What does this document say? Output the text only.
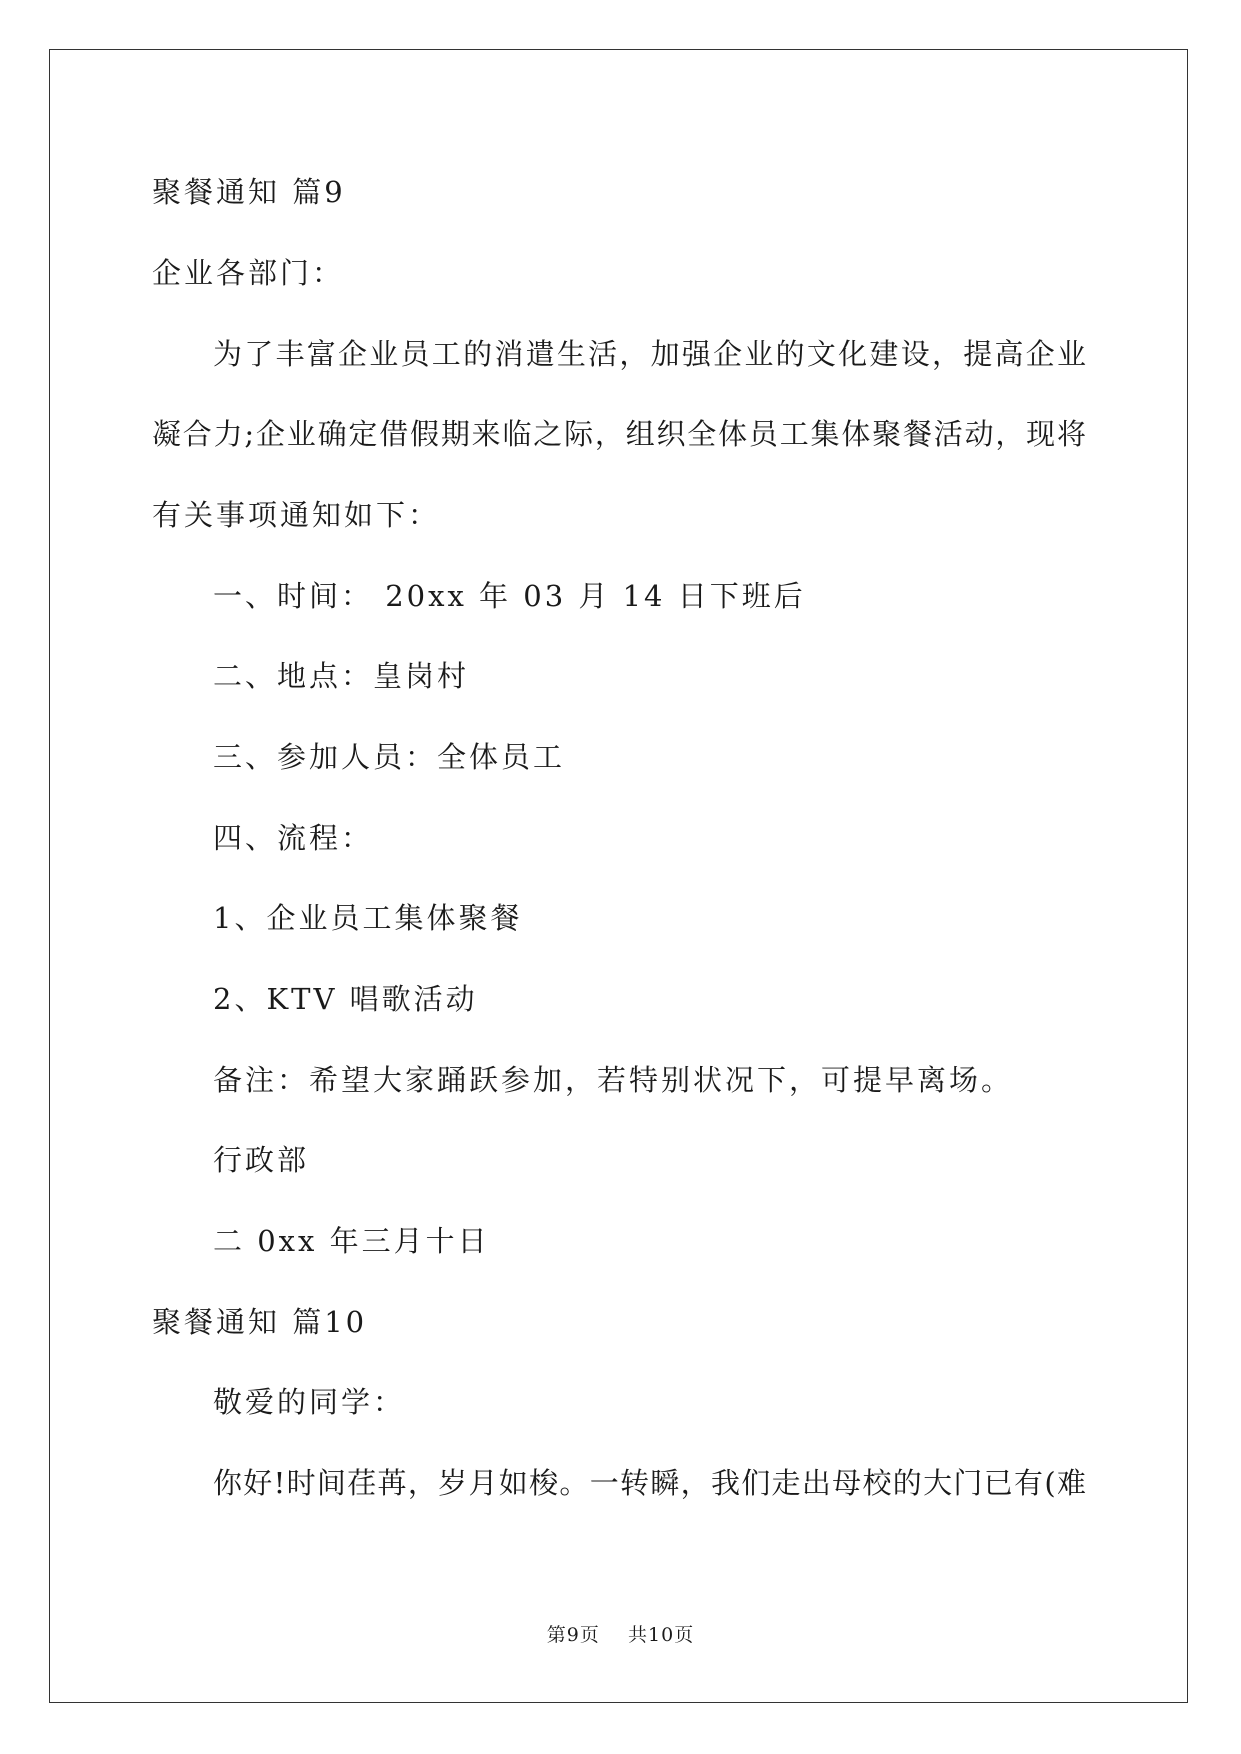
聚餐通知 篇9
企业各部门：
为了丰富企业员工的消遣生活，加强企业的文化建设，提高企业
凝合力;企业确定借假期来临之际，组织全体员工集体聚餐活动，现将
有关事项通知如下：
一、时间： 20xx 年 03 月 14 日下班后
二、地点：皇岗村
三、参加人员：全体员工
四、流程：
1、企业员工集体聚餐
2、KTV 唱歌活动
备注：希望大家踊跃参加，若特别状况下，可提早离场。
行政部
二 0xx 年三月十日
聚餐通知 篇10
敬爱的同学：
你好!时间荏苒，岁月如梭。一转瞬，我们走出母校的大门已有(难
第9页 共10页
